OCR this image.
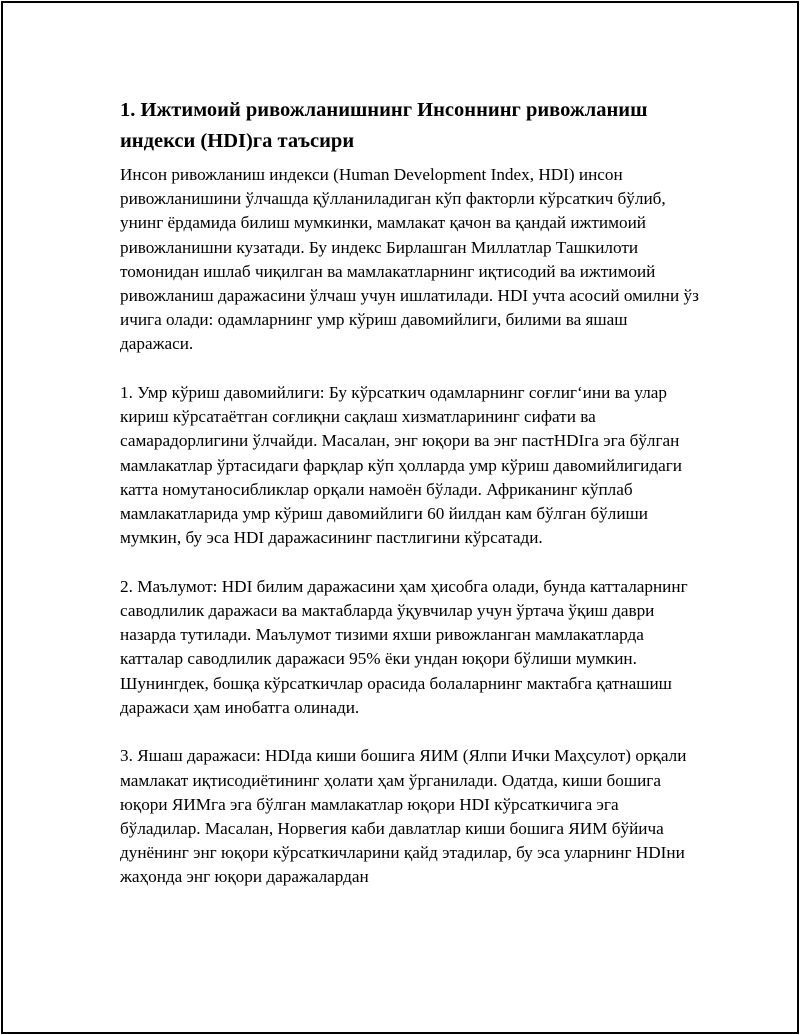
1. Ижтимоий ривожланишнинг Инсоннинг ривожланиш индекси (HDI)га таъсири

Инсон ривожланиш индекси (Human Development Index, HDI) инсон ривожланишини ўлчашда қўлланиладиган кўп факторли кўрсаткич бўлиб, унинг ёрдамида билиш мумкинки, мамлакат қачон ва қандай ижтимоий ривожланишни кузатади. Бу индекс Бирлашган Миллатлар Ташкилоти томонидан ишлаб чиқилган ва мамлакатларнинг иқтисодий ва ижтимоий ривожланиш даражасини ўлчаш учун ишлатилади. HDI учта асосий омилни ўз ичига олади: одамларнинг умр кўриш давомийлиги, билими ва яшаш даражаси.

1. Умр кўриш давомийлиги: Бу кўрсаткич одамларнинг соғлиг‘ини ва улар кириш кўрсатаётган соғлиқни сақлаш хизматларининг сифати ва самарадорлигини ўлчайди. Масалан, энг юқори ва энг пастHDIга эга бўлган мамлакатлар ўртасидаги фарқлар кўп ҳолларда умр кўриш давомийлигидаги катта номутаносибликлар орқали намоён бўлади. Африканинг кўплаб мамлакатларида умр кўриш давомийлиги 60 йилдан кам бўлган бўлиши мумкин, бу эса HDI даражасининг пастлигини кўрсатади.

2. Маълумот: HDI билим даражасини ҳам ҳисобга олади, бунда катталарнинг саводлилик даражаси ва мактабларда ўқувчилар учун ўртача ўқиш даври назарда тутилади. Маълумот тизими яхши ривожланган мамлакатларда катталар саводлилик даражаси 95% ёки ундан юқори бўлиши мумкин. Шунингдек, бошқа кўрсаткичлар орасида болаларнинг мактабга қатнашиш даражаси ҳам инобатга олинади.

3. Яшаш даражаси: HDIда киши бошига ЯИМ (Ялпи Ички Маҳсулот) орқали мамлакат иқтисодиётининг ҳолати ҳам ўрганилади. Одатда, киши бошига юқори ЯИМга эга бўлган мамлакатлар юқори HDI кўрсаткичига эга бўладилар. Масалан, Норвегия каби давлатлар киши бошига ЯИМ бўйича дунёнинг энг юқори кўрсаткичларини қайд этадилар, бу эса уларнинг HDIни жаҳонда энг юқори даражалардан
